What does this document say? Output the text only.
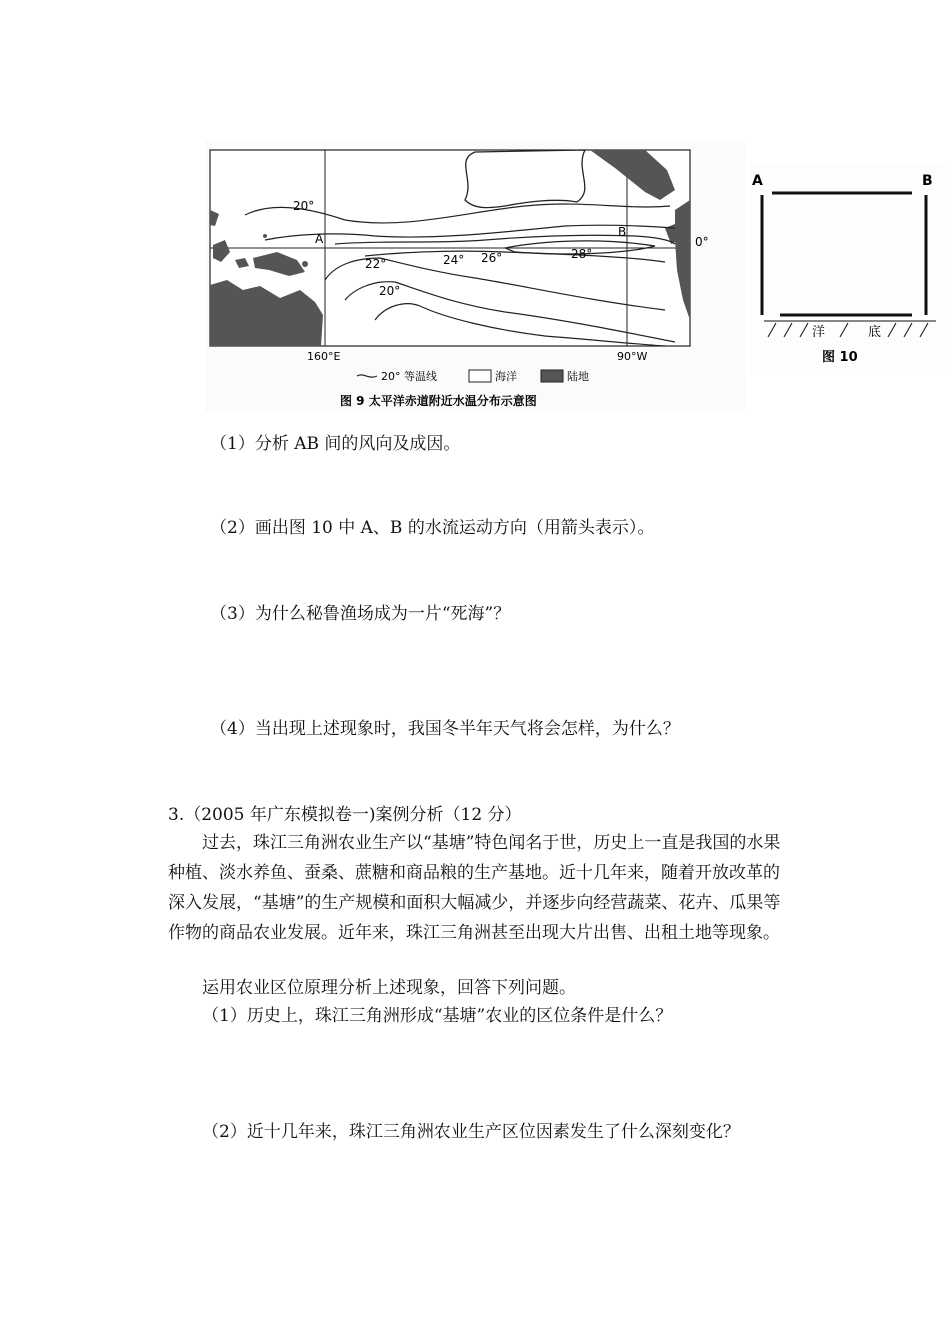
20°
A	B
0°
22°	24° 26°	28°
20°
160°E	90°W
20° 等温线	海洋	陆地
图 9 太平洋赤道附近水温分布示意图
A	B
洋	底
图 10
（1）分析 AB 间的风向及成因。
（2）画出图 10 中 A、B 的水流运动方向（用箭头表示）。
（3）为什么秘鲁渔场成为一片“死海”？
（4）当出现上述现象时，我国冬半年天气将会怎样，为什么？
3.（2005 年广东模拟卷一)案例分析（12 分）
过去，珠江三角洲农业生产以“基塘”特色闻名于世，历史上一直是我国的水果种植、淡水养鱼、蚕桑、蔗糖和商品粮的生产基地。近十几年来，随着开放改革的深入发展，“基塘”的生产规模和面积大幅减少，并逐步向经营蔬菜、花卉、瓜果等作物的商品农业发展。近年来，珠江三角洲甚至出现大片出售、出租土地等现象。
运用农业区位原理分析上述现象，回答下列问题。
（1）历史上，珠江三角洲形成“基塘”农业的区位条件是什么？
（2）近十几年来，珠江三角洲农业生产区位因素发生了什么深刻变化？
